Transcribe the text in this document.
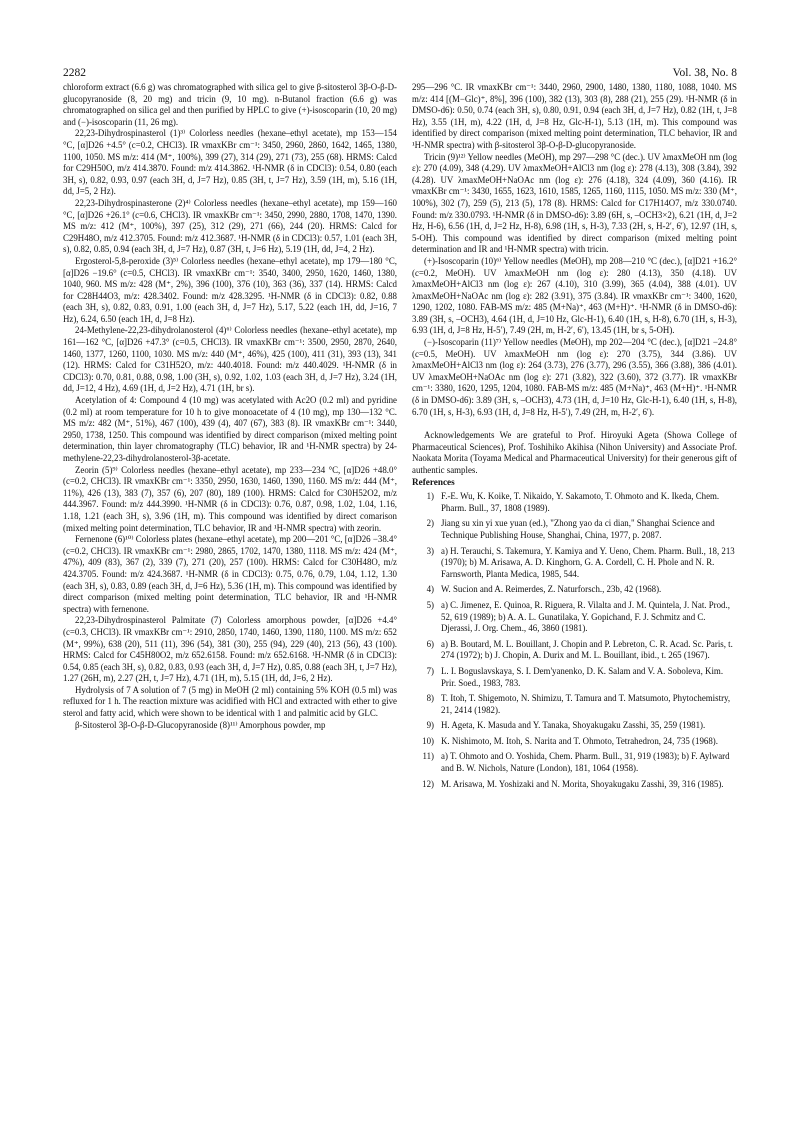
2282	Vol. 38, No. 8

chloroform extract (6.6 g) was chromatographed with silica gel to give β-sitosterol 3β-O-β-D-glucopyranoside (8, 20 mg) and tricin (9, 10 mg). n-Butanol fraction (6.6 g) was chromatographed on silica gel and then purified by HPLC to give (+)-isoscoparin (10, 20 mg) and (−)-isoscoparin (11, 26 mg).

22,23-Dihydrospinasterol (1)³⁾ Colorless needles (hexane–ethyl acetate), mp 153—154 °C, [α]D26 +4.5° (c=0.2, CHCl3). IR νmaxKBr cm⁻¹: 3450, 2960, 2860, 1642, 1465, 1380, 1100, 1050. MS m/z: 414 (M⁺, 100%), 399 (27), 314 (29), 271 (73), 255 (68). HRMS: Calcd for C29H50O, m/z 414.3870. Found: m/z 414.3862. ¹H-NMR (δ in CDCl3): 0.54, 0.80 (each 3H, s), 0.82, 0.93, 0.97 (each 3H, d, J=7 Hz), 0.85 (3H, t, J=7 Hz), 3.59 (1H, m), 5.16 (1H, dd, J=5, 2 Hz).

22,23-Dihydrospinasterone (2)⁴⁾ Colorless needles (hexane–ethyl acetate), mp 159—160 °C, [α]D26 +26.1° (c=0.6, CHCl3). IR νmaxKBr cm⁻¹: 3450, 2990, 2880, 1708, 1470, 1390. MS m/z: 412 (M⁺, 100%), 397 (25), 312 (29), 271 (66), 244 (20). HRMS: Calcd for C29H48O, m/z 412.3705. Found: m/z 412.3687. ¹H-NMR (δ in CDCl3): 0.57, 1.01 (each 3H, s), 0.82, 0.85, 0.94 (each 3H, d, J=7 Hz), 0.87 (3H, t, J=6 Hz), 5.19 (1H, dd, J=4, 2 Hz).

Ergosterol-5,8-peroxide (3)⁵⁾ Colorless needles (hexane–ethyl acetate), mp 179—180 °C, [α]D26 −19.6° (c=0.5, CHCl3). IR νmaxKBr cm⁻¹: 3540, 3400, 2950, 1620, 1460, 1380, 1040, 960. MS m/z: 428 (M⁺, 2%), 396 (100), 376 (10), 363 (36), 337 (14). HRMS: Calcd for C28H44O3, m/z: 428.3402. Found: m/z 428.3295. ¹H-NMR (δ in CDCl3): 0.82, 0.88 (each 3H, s), 0.82, 0.83, 0.91, 1.00 (each 3H, d, J=7 Hz), 5.17, 5.22 (each 1H, dd, J=16, 7 Hz), 6.24, 6.50 (each 1H, d, J=8 Hz).

24-Methylene-22,23-dihydrolanosterol (4)⁶⁾ Colorless needles (hexane–ethyl acetate), mp 161—162 °C, [α]D26 +47.3° (c=0.5, CHCl3). IR νmaxKBr cm⁻¹: 3500, 2950, 2870, 2640, 1460, 1377, 1260, 1100, 1030. MS m/z: 440 (M⁺, 46%), 425 (100), 411 (31), 393 (13), 341 (12). HRMS: Calcd for C31H52O, m/z: 440.4018. Found: m/z 440.4029. ¹H-NMR (δ in CDCl3): 0.70, 0.81, 0.88, 0.98, 1.00 (3H, s), 0.92, 1.02, 1.03 (each 3H, d, J=7 Hz), 3.24 (1H, dd, J=12, 4 Hz), 4.69 (1H, d, J=2 Hz), 4.71 (1H, br s).

Acetylation of 4: Compound 4 (10 mg) was acetylated with Ac2O (0.2 ml) and pyridine (0.2 ml) at room temperature for 10 h to give monoacetate of 4 (10 mg), mp 130—132 °C. MS m/z: 482 (M⁺, 51%), 467 (100), 439 (4), 407 (67), 383 (8). IR νmaxKBr cm⁻¹: 3440, 2950, 1738, 1250. This compound was identified by direct comparison (mixed melting point determination, thin layer chromatography (TLC) behavior, IR and ¹H-NMR spectra) by 24-methylene-22,23-dihydrolanosterol-3β-acetate.

Zeorin (5)⁹⁾ Colorless needles (hexane–ethyl acetate), mp 233—234 °C, [α]D26 +48.0° (c=0.2, CHCl3). IR νmaxKBr cm⁻¹: 3350, 2950, 1630, 1460, 1390, 1160. MS m/z: 444 (M⁺, 11%), 426 (13), 383 (7), 357 (6), 207 (80), 189 (100). HRMS: Calcd for C30H52O2, m/z 444.3967. Found: m/z 444.3990. ¹H-NMR (δ in CDCl3): 0.76, 0.87, 0.98, 1.02, 1.04, 1.16, 1.18, 1.21 (each 3H, s), 3.96 (1H, m). This compound was identified by direct comarison (mixed melting point determination, TLC behavior, IR and ¹H-NMR spectra) with zeorin.

Fernenone (6)¹⁰⁾ Colorless plates (hexane–ethyl acetate), mp 200—201 °C, [α]D26 −38.4° (c=0.2, CHCl3). IR νmaxKBr cm⁻¹: 2980, 2865, 1702, 1470, 1380, 1118. MS m/z: 424 (M⁺, 47%), 409 (83), 367 (2), 339 (7), 271 (20), 257 (100). HRMS: Calcd for C30H48O, m/z 424.3705. Found: m/z 424.3687. ¹H-NMR (δ in CDCl3): 0.75, 0.76, 0.79, 1.04, 1.12, 1.30 (each 3H, s), 0.83, 0.89 (each 3H, d, J=6 Hz), 5.36 (1H, m). This compound was identified by direct comparison (mixed melting point determination, TLC behavior, IR and ¹H-NMR spectra) with fernenone.

22,23-Dihydrospinasterol Palmitate (7) Colorless amorphous powder, [α]D26 +4.4° (c=0.3, CHCl3). IR νmaxKBr cm⁻¹: 2910, 2850, 1740, 1460, 1390, 1180, 1100. MS m/z: 652 (M⁺, 99%), 638 (20), 511 (11), 396 (54), 381 (30), 255 (94), 229 (40), 213 (56), 43 (100). HRMS: Calcd for C45H80O2, m/z 652.6158. Found: m/z 652.6168. ¹H-NMR (δ in CDCl3): 0.54, 0.85 (each 3H, s), 0.82, 0.83, 0.93 (each 3H, d, J=7 Hz), 0.85, 0.88 (each 3H, t, J=7 Hz), 1.27 (26H, m), 2.27 (2H, t, J=7 Hz), 4.71 (1H, m), 5.15 (1H, dd, J=6, 2 Hz).

Hydrolysis of 7 A solution of 7 (5 mg) in MeOH (2 ml) containing 5% KOH (0.5 ml) was refluxed for 1 h. The reaction mixture was acidified with HCl and extracted with ether to give sterol and fatty acid, which were shown to be identical with 1 and palmitic acid by GLC.

β-Sitosterol 3β-O-β-D-Glucopyranoside (8)¹¹⁾ Amorphous powder, mp

295—296 °C. IR νmaxKBr cm⁻¹: 3440, 2960, 2900, 1480, 1380, 1180, 1088, 1040. MS m/z: 414 [(M−Glc)⁺, 8%], 396 (100), 382 (13), 303 (8), 288 (21), 255 (29). ¹H-NMR (δ in DMSO-d6): 0.50, 0.74 (each 3H, s), 0.80, 0.91, 0.94 (each 3H, d, J=7 Hz), 0.82 (1H, t, J=8 Hz), 3.55 (1H, m), 4.22 (1H, d, J=8 Hz, Glc-H-1), 5.13 (1H, m). This compound was identified by direct comparison (mixed melting point determination, TLC behavior, IR and ¹H-NMR spectra) with β-sitosterol 3β-O-β-D-glucopyranoside.

Tricin (9)¹²⁾ Yellow needles (MeOH), mp 297—298 °C (dec.). UV λmaxMeOH nm (log ε): 270 (4.09), 348 (4.29). UV λmaxMeOH+AlCl3 nm (log ε): 278 (4.13), 308 (3.84), 392 (4.28). UV λmaxMeOH+NaOAc nm (log ε): 276 (4.18), 324 (4.09), 360 (4.16). IR νmaxKBr cm⁻¹: 3430, 1655, 1623, 1610, 1585, 1265, 1160, 1115, 1050. MS m/z: 330 (M⁺, 100%), 302 (7), 259 (5), 213 (5), 178 (8). HRMS: Calcd for C17H14O7, m/z 330.0740. Found: m/z 330.0793. ¹H-NMR (δ in DMSO-d6): 3.89 (6H, s, –OCH3×2), 6.21 (1H, d, J=2 Hz, H-6), 6.56 (1H, d, J=2 Hz, H-8), 6.98 (1H, s, H-3), 7.33 (2H, s, H-2′, 6′), 12.97 (1H, s, 5-OH). This compound was identified by direct comparison (mixed melting point determination and IR and ¹H-NMR spectra) with tricin.

(+)-Isoscoparin (10)⁶⁾ Yellow needles (MeOH), mp 208—210 °C (dec.), [α]D21 +16.2° (c=0.2, MeOH). UV λmaxMeOH nm (log ε): 280 (4.13), 350 (4.18). UV λmaxMeOH+AlCl3 nm (log ε): 267 (4.10), 310 (3.99), 365 (4.04), 388 (4.01). UV λmaxMeOH+NaOAc nm (log ε): 282 (3.91), 375 (3.84). IR νmaxKBr cm⁻¹: 3400, 1620, 1290, 1202, 1080. FAB-MS m/z: 485 (M+Na)⁺, 463 (M+H)⁺. ¹H-NMR (δ in DMSO-d6): 3.89 (3H, s, –OCH3), 4.64 (1H, d, J=10 Hz, Glc-H-1), 6.40 (1H, s, H-8), 6.70 (1H, s, H-3), 6.93 (1H, d, J=8 Hz, H-5′), 7.49 (2H, m, H-2′, 6′), 13.45 (1H, br s, 5-OH).

(−)-Isoscoparin (11)⁷⁾ Yellow needles (MeOH), mp 202—204 °C (dec.), [α]D21 −24.8° (c=0.5, MeOH). UV λmaxMeOH nm (log ε): 270 (3.75), 344 (3.86). UV λmaxMeOH+AlCl3 nm (log ε): 264 (3.73), 276 (3.77), 296 (3.55), 366 (3.88), 386 (4.01). UV λmaxMeOH+NaOAc nm (log ε): 271 (3.82), 322 (3.60), 372 (3.77). IR νmaxKBr cm⁻¹: 3380, 1620, 1295, 1204, 1080. FAB-MS m/z: 485 (M+Na)⁺, 463 (M+H)⁺. ¹H-NMR (δ in DMSO-d6): 3.89 (3H, s, –OCH3), 4.73 (1H, d, J=10 Hz, Glc-H-1), 6.40 (1H, s, H-8), 6.70 (1H, s, H-3), 6.93 (1H, d, J=8 Hz, H-5′), 7.49 (2H, m, H-2′, 6′).

Acknowledgements We are grateful to Prof. Hiroyuki Ageta (Showa College of Pharmaceutical Sciences), Prof. Toshihiko Akihisa (Nihon University) and Associate Prof. Naokata Morita (Toyama Medical and Pharmaceutical University) for their generous gift of authentic samples.

References

1) F.-E. Wu, K. Koike, T. Nikaido, Y. Sakamoto, T. Ohmoto and K. Ikeda, Chem. Pharm. Bull., 37, 1808 (1989).
2) Jiang su xin yi xue yuan (ed.), "Zhong yao da ci dian," Shanghai Science and Technique Publishing House, Shanghai, China, 1977, p. 2087.
3) a) H. Terauchi, S. Takemura, Y. Kamiya and Y. Ueno, Chem. Pharm. Bull., 18, 213 (1970); b) M. Arisawa, A. D. Kinghorn, G. A. Cordell, C. H. Phole and N. R. Farnsworth, Planta Medica, 1985, 544.
4) W. Sucion and A. Reimerdes, Z. Naturforsch., 23b, 42 (1968).
5) a) C. Jimenez, E. Quinoa, R. Riguera, R. Vilalta and J. M. Quintela, J. Nat. Prod., 52, 619 (1989); b) A. A. L. Gunatilaka, Y. Gopichand, F. J. Schmitz and C. Djerassi, J. Org. Chem., 46, 3860 (1981).
6) a) B. Boutard, M. L. Bouillant, J. Chopin and P. Lebreton, C. R. Acad. Sc. Paris, t. 274 (1972); b) J. Chopin, A. Durix and M. L. Bouillant, ibid., t. 265 (1967).
7) L. I. Boguslavskaya, S. I. Dem'yanenko, D. K. Salam and V. A. Soboleva, Kim. Prir. Soed., 1983, 783.
8) T. Itoh, T. Shigemoto, N. Shimizu, T. Tamura and T. Matsumoto, Phytochemistry, 21, 2414 (1982).
9) H. Ageta, K. Masuda and Y. Tanaka, Shoyakugaku Zasshi, 35, 259 (1981).
10) K. Nishimoto, M. Itoh, S. Narita and T. Ohmoto, Tetrahedron, 24, 735 (1968).
11) a) T. Ohmoto and O. Yoshida, Chem. Pharm. Bull., 31, 919 (1983); b) F. Aylward and B. W. Nichols, Nature (London), 181, 1064 (1958).
12) M. Arisawa, M. Yoshizaki and N. Morita, Shoyakugaku Zasshi, 39, 316 (1985).
